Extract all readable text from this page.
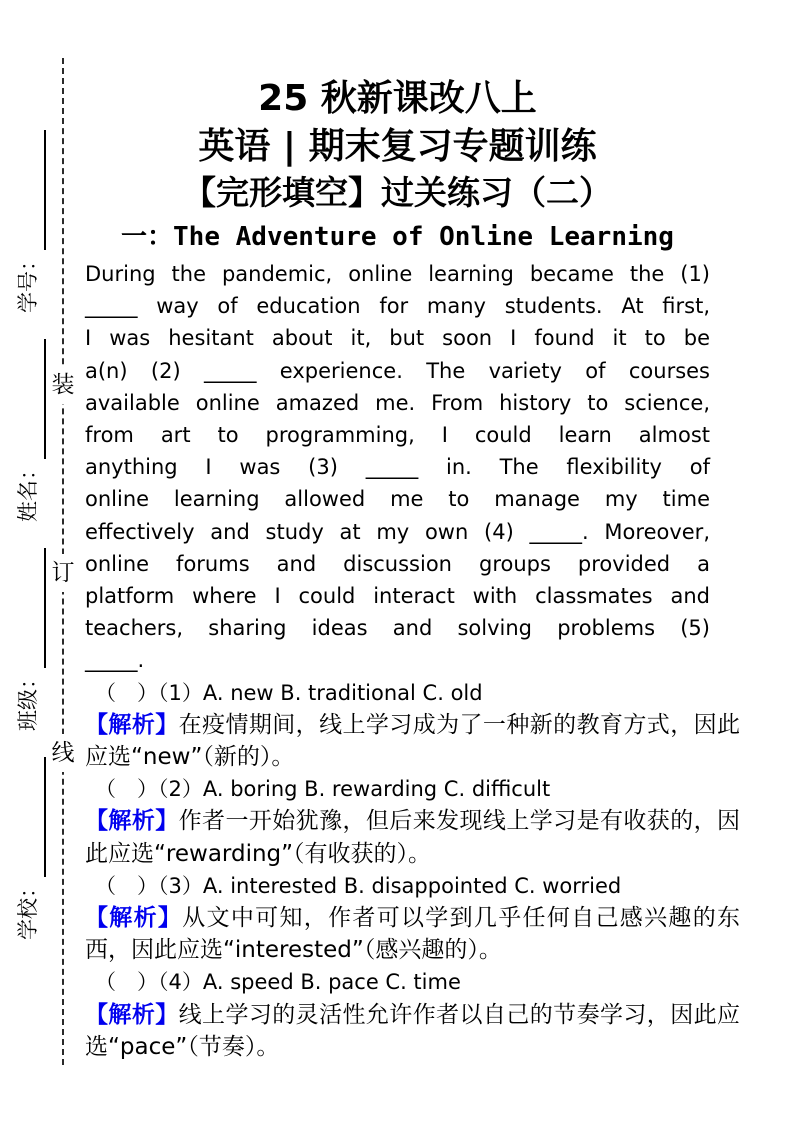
学校：
班级：
姓名：
学号：
装
订
线
25 秋新课改八上
英语 | 期末复习专题训练
【完形填空】过关练习（二）
一：The Adventure of Online Learning
During the pandemic, online learning became the (1)
_____ way of education for many students. At first,
I was hesitant about it, but soon I found it to be
a(n) (2) _____ experience. The variety of courses
available online amazed me. From history to science,
from art to programming, I could learn almost
anything I was (3) _____ in. The flexibility of
online learning allowed me to manage my time
effectively and study at my own (4) _____. Moreover,
online forums and discussion groups provided a
platform where I could interact with classmates and
teachers, sharing ideas and solving problems (5)
_____.
（　）（1）A. new B. traditional C. old
【解析】在疫情期间，线上学习成为了一种新的教育方式，因此应选“new”（新的）。
（　）（2）A. boring B. rewarding C. difficult
【解析】作者一开始犹豫，但后来发现线上学习是有收获的，因此应选“rewarding”（有收获的）。
（　）（3）A. interested B. disappointed C. worried
【解析】从文中可知，作者可以学到几乎任何自己感兴趣的东西，因此应选“interested”（感兴趣的）。
（　）（4）A. speed B. pace C. time
【解析】线上学习的灵活性允许作者以自己的节奏学习，因此应选“pace”（节奏）。
